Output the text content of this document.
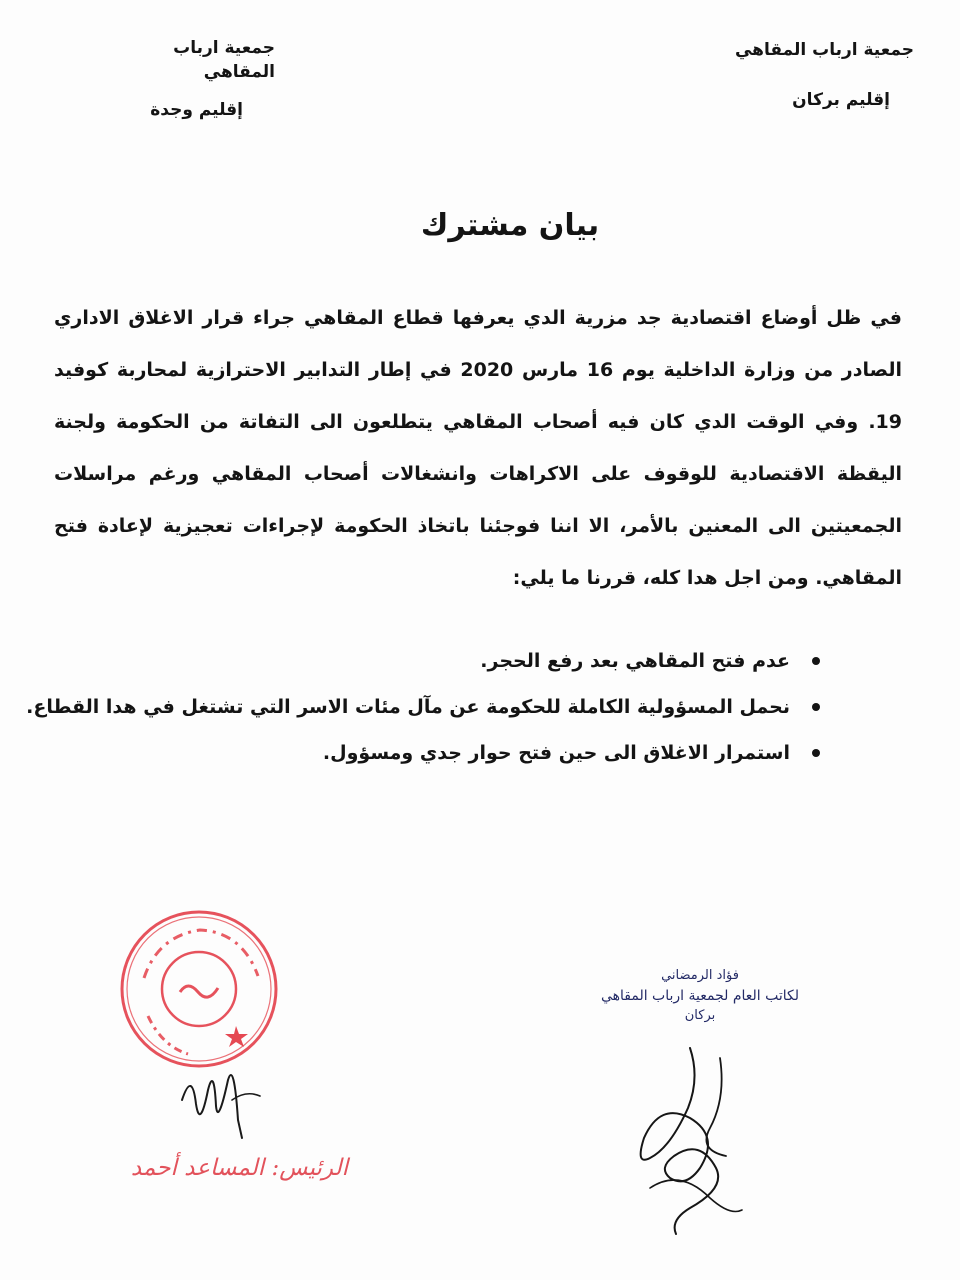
جمعية ارباب المقاهي
إقليم بركان
جمعية ارباب المقاهي
إقليم وجدة
بيان مشترك
في ظل أوضاع اقتصادية جد مزرية الدي يعرفها قطاع المقاهي جراء قرار الاغلاق الاداري الصادر من وزارة الداخلية يوم 16 مارس 2020 في إطار التدابير الاحترازية لمحاربة كوفيد 19. وفي الوقت الدي كان فيه أصحاب المقاهي يتطلعون الى التفاتة من الحكومة ولجنة اليقظة الاقتصادية للوقوف على الاكراهات وانشغالات أصحاب المقاهي ورغم مراسلات الجمعيتين الى المعنين بالأمر، الا اننا فوجئنا باتخاذ الحكومة لإجراءات تعجيزية لإعادة فتح المقاهي. ومن اجل هدا كله، قررنا ما يلي:
عدم فتح المقاهي بعد رفع الحجر.
نحمل المسؤولية الكاملة للحكومة عن مآل مئات الاسر التي تشتغل في هدا القطاع.
استمرار الاغلاق الى حين فتح حوار جدي ومسؤول.
الرئيس: المساعد أحمد
فؤاد الرمضاني
لكاتب العام لجمعية ارباب المقاهي
بركان
